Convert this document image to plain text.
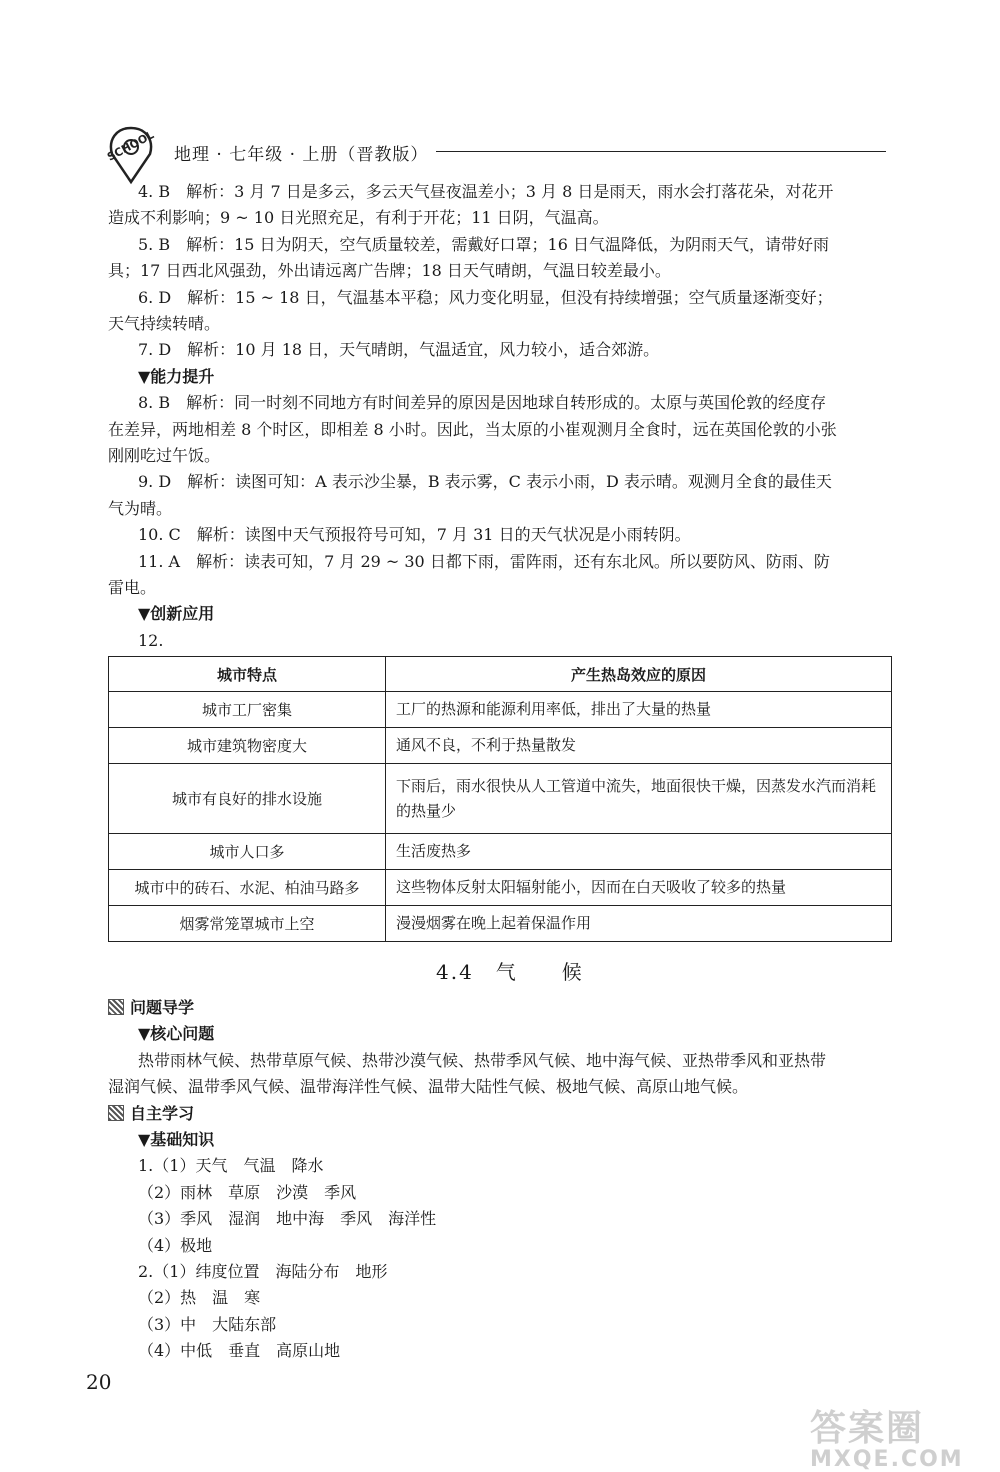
SCHOOL 地理 · 七年级 · 上册（晋教版）
4. B　解析：3 月 7 日是多云，多云天气昼夜温差小；3 月 8 日是雨天，雨水会打落花朵，对花开
造成不利影响；9 ~ 10 日光照充足，有利于开花；11 日阴，气温高。
5. B　解析：15 日为阴天，空气质量较差，需戴好口罩；16 日气温降低，为阴雨天气，请带好雨
具；17 日西北风强劲，外出请远离广告牌；18 日天气晴朗，气温日较差最小。
6. D　解析：15 ~ 18 日，气温基本平稳；风力变化明显，但没有持续增强；空气质量逐渐变好；
天气持续转晴。
7. D　解析：10 月 18 日，天气晴朗，气温适宜，风力较小，适合郊游。
▼能力提升
8. B　解析：同一时刻不同地方有时间差异的原因是因地球自转形成的。太原与英国伦敦的经度存
在差异，两地相差 8 个时区，即相差 8 小时。因此，当太原的小崔观测月全食时，远在英国伦敦的小张
刚刚吃过午饭。
9. D　解析：读图可知：A 表示沙尘暴，B 表示雾，C 表示小雨，D 表示晴。观测月全食的最佳天
气为晴。
10. C　解析：读图中天气预报符号可知，7 月 31 日的天气状况是小雨转阴。
11. A　解析：读表可知，7 月 29 ~ 30 日都下雨，雷阵雨，还有东北风。所以要防风、防雨、防
雷电。
▼创新应用
12.
城市特点	产生热岛效应的原因
城市工厂密集	工厂的热源和能源利用率低，排出了大量的热量
城市建筑物密度大	通风不良，不利于热量散发
城市有良好的排水设施	下雨后，雨水很快从人工管道中流失，地面很快干燥，因蒸发水汽而消耗的热量少
城市人口多	生活废热多
城市中的砖石、水泥、柏油马路多	这些物体反射太阳辐射能小，因而在白天吸收了较多的热量
烟雾常笼罩城市上空	漫漫烟雾在晚上起着保温作用
4.4　气　　候
问题导学
▼核心问题
热带雨林气候、热带草原气候、热带沙漠气候、热带季风气候、地中海气候、亚热带季风和亚热带
湿润气候、温带季风气候、温带海洋性气候、温带大陆性气候、极地气候、高原山地气候。
自主学习
▼基础知识
1.（1）天气　气温　降水
（2）雨林　草原　沙漠　季风
（3）季风　湿润　地中海　季风　海洋性
（4）极地
2.（1）纬度位置　海陆分布　地形
（2）热　温　寒
（3）中　大陆东部
（4）中低　垂直　高原山地
20
答案圈
MXQE.COM
